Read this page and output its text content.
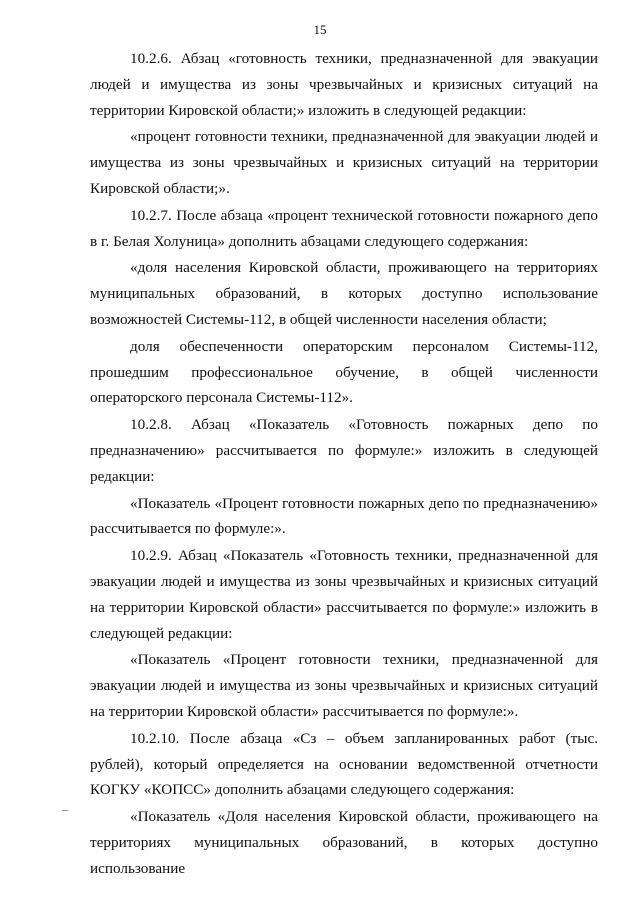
15

10.2.6. Абзац «готовность техники, предназначенной для эвакуации людей и имущества из зоны чрезвычайных и кризисных ситуаций на территории Кировской области;» изложить в следующей редакции:

«процент готовности техники, предназначенной для эвакуации людей и имущества из зоны чрезвычайных и кризисных ситуаций на территории Кировской области;».

10.2.7. После абзаца «процент технической готовности пожарного депо в г. Белая Холуница» дополнить абзацами следующего содержания:

«доля населения Кировской области, проживающего на территориях муниципальных образований, в которых доступно использование возможностей Системы-112, в общей численности населения области;

доля обеспеченности операторским персоналом Системы-112, прошедшим профессиональное обучение, в общей численности операторского персонала Системы-112».

10.2.8. Абзац «Показатель «Готовность пожарных депо по предназначению» рассчитывается по формуле:» изложить в следующей редакции:

«Показатель «Процент готовности пожарных депо по предназначению» рассчитывается по формуле:».

10.2.9. Абзац «Показатель «Готовность техники, предназначенной для эвакуации людей и имущества из зоны чрезвычайных и кризисных ситуаций на территории Кировской области» рассчитывается по формуле:» изложить в следующей редакции:

«Показатель «Процент готовности техники, предназначенной для эвакуации людей и имущества из зоны чрезвычайных и кризисных ситуаций на территории Кировской области» рассчитывается по формуле:».

10.2.10. После абзаца «Сз – объем запланированных работ (тыс. рублей), который определяется на основании ведомственной отчетности КОГКУ «КОПСС» дополнить абзацами следующего содержания:

«Показатель «Доля населения Кировской области, проживающего на территориях муниципальных образований, в которых доступно использование

–
